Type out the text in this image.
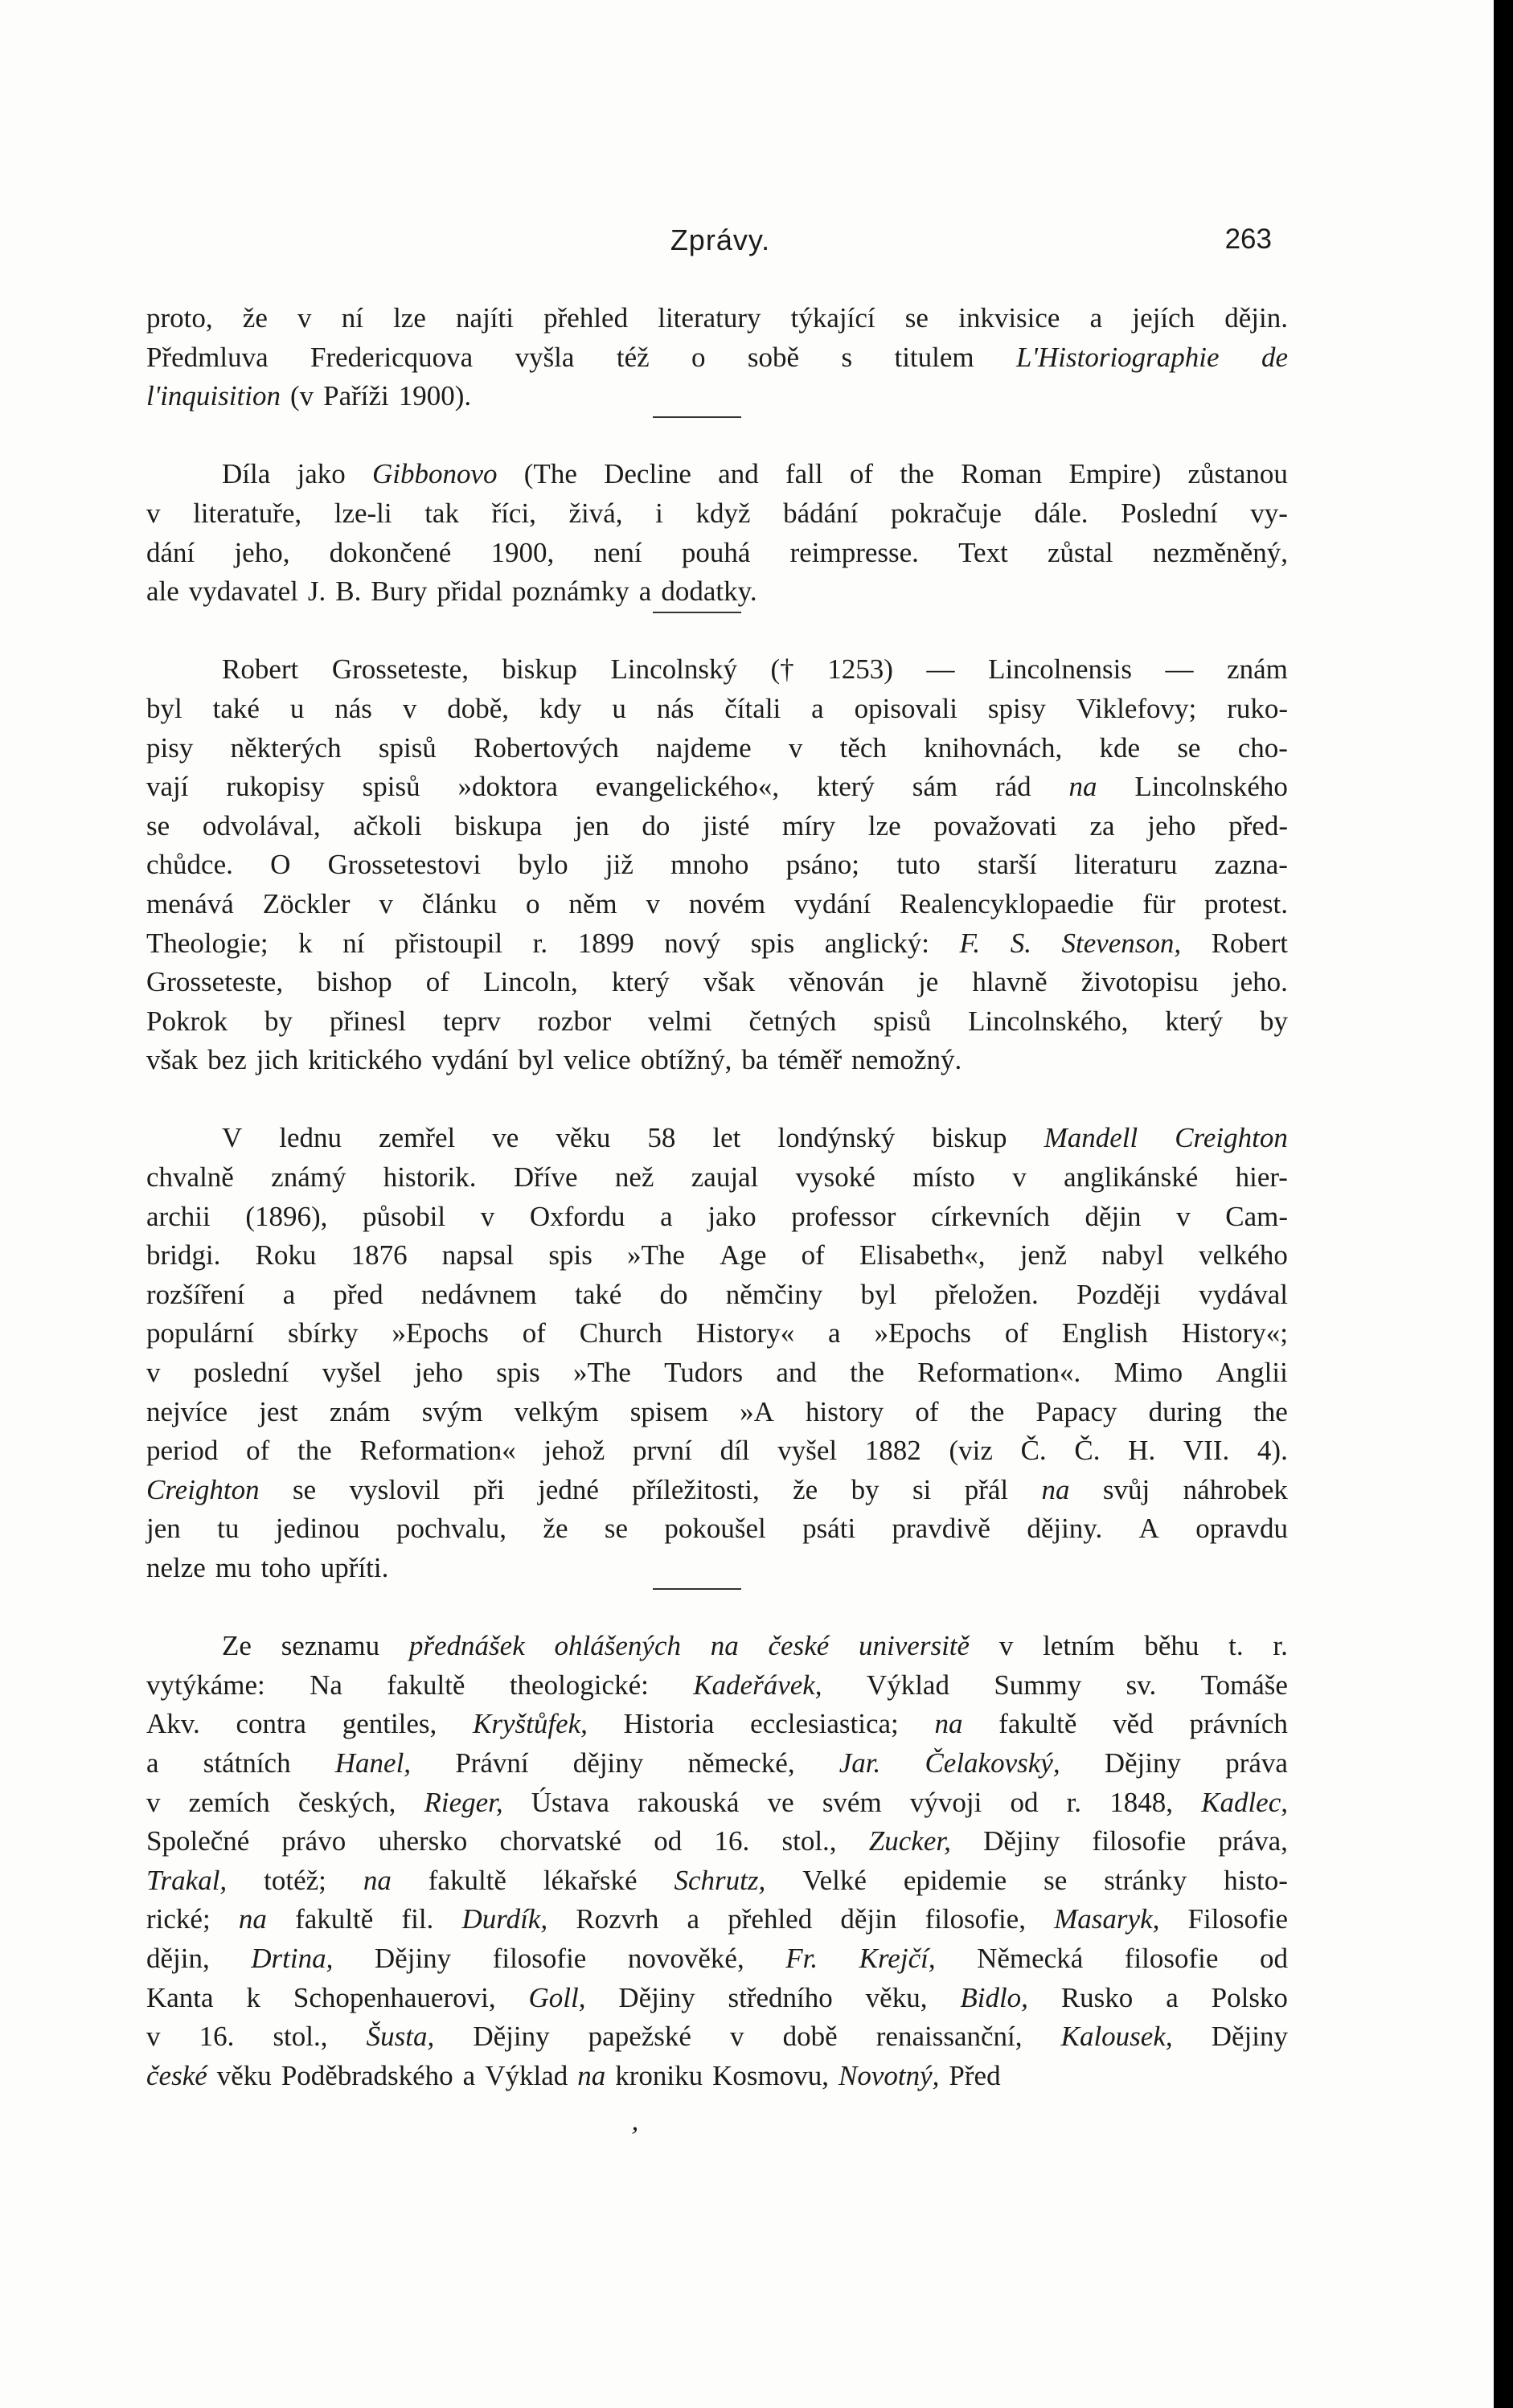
Zprávy.	263
proto, že v ní lze najíti přehled literatury týkající se inkvisice a jejích dějin.
Předmluva Fredericquova vyšla též o sobě s titulem L'Historiographie de
l'inquisition (v Paříži 1900).
Díla jako Gibbonovo (The Decline and fall of the Roman Empire) zůstanou
v literatuře, lze-li tak říci, živá, i když bádání pokračuje dále. Poslední vy-
dání jeho, dokončené 1900, není pouhá reimpresse. Text zůstal nezměněný,
ale vydavatel J. B. Bury přidal poznámky a dodatky.
Robert Grosseteste, biskup Lincolnský († 1253) — Lincolnensis — znám
byl také u nás v době, kdy u nás čítali a opisovali spisy Viklefovy; ruko-
pisy některých spisů Robertových najdeme v těch knihovnách, kde se cho-
vají rukopisy spisů »doktora evangelického«, který sám rád na Lincolnského
se odvolával, ačkoli biskupa jen do jisté míry lze považovati za jeho před-
chůdce. O Grossetestovi bylo již mnoho psáno; tuto starší literaturu zazna-
menává Zöckler v článku o něm v novém vydání Realencyklopaedie für protest.
Theologie; k ní přistoupil r. 1899 nový spis anglický: F. S. Stevenson, Robert
Grosseteste, bishop of Lincoln, který však věnován je hlavně životopisu jeho.
Pokrok by přinesl teprv rozbor velmi četných spisů Lincolnského, který by
však bez jich kritického vydání byl velice obtížný, ba téměř nemožný.
V lednu zemřel ve věku 58 let londýnský biskup Mandell Creighton
chvalně známý historik. Dříve než zaujal vysoké místo v anglikánské hier-
archii (1896), působil v Oxfordu a jako professor církevních dějin v Cam-
bridgi. Roku 1876 napsal spis »The Age of Elisabeth«, jenž nabyl velkého
rozšíření a před nedávnem také do němčiny byl přeložen. Později vydával
populární sbírky »Epochs of Church History« a »Epochs of English History«;
v poslední vyšel jeho spis »The Tudors and the Reformation«. Mimo Anglii
nejvíce jest znám svým velkým spisem »A history of the Papacy during the
period of the Reformation« jehož první díl vyšel 1882 (viz Č. Č. H. VII. 4).
Creighton se vyslovil při jedné příležitosti, že by si přál na svůj náhrobek
jen tu jedinou pochvalu, že se pokoušel psáti pravdivě dějiny. A opravdu
nelze mu toho upříti.
Ze seznamu přednášek ohlášených na české universitě v letním běhu t. r.
vytýkáme: Na fakultě theologické: Kadeřávek, Výklad Summy sv. Tomáše
Akv. contra gentiles, Kryštůfek, Historia ecclesiastica; na fakultě věd právních
a státních Hanel, Právní dějiny německé, Jar. Čelakovský, Dějiny práva
v zemích českých, Rieger, Ústava rakouská ve svém vývoji od r. 1848, Kadlec,
Společné právo uhersko chorvatské od 16. stol., Zucker, Dějiny filosofie práva,
Trakal, totéž; na fakultě lékařské Schrutz, Velké epidemie se stránky histo-
rické; na fakultě fil. Durdík, Rozvrh a přehled dějin filosofie, Masaryk, Filosofie
dějin, Drtina, Dějiny filosofie novověké, Fr. Krejčí, Německá filosofie od
Kanta k Schopenhauerovi, Goll, Dějiny středního věku, Bidlo, Rusko a Polsko
v 16. stol., Šusta, Dějiny papežské v době renaissanční, Kalousek, Dějiny
české věku Poděbradského a Výklad na kroniku Kosmovu, Novotný, Před
ʼ
